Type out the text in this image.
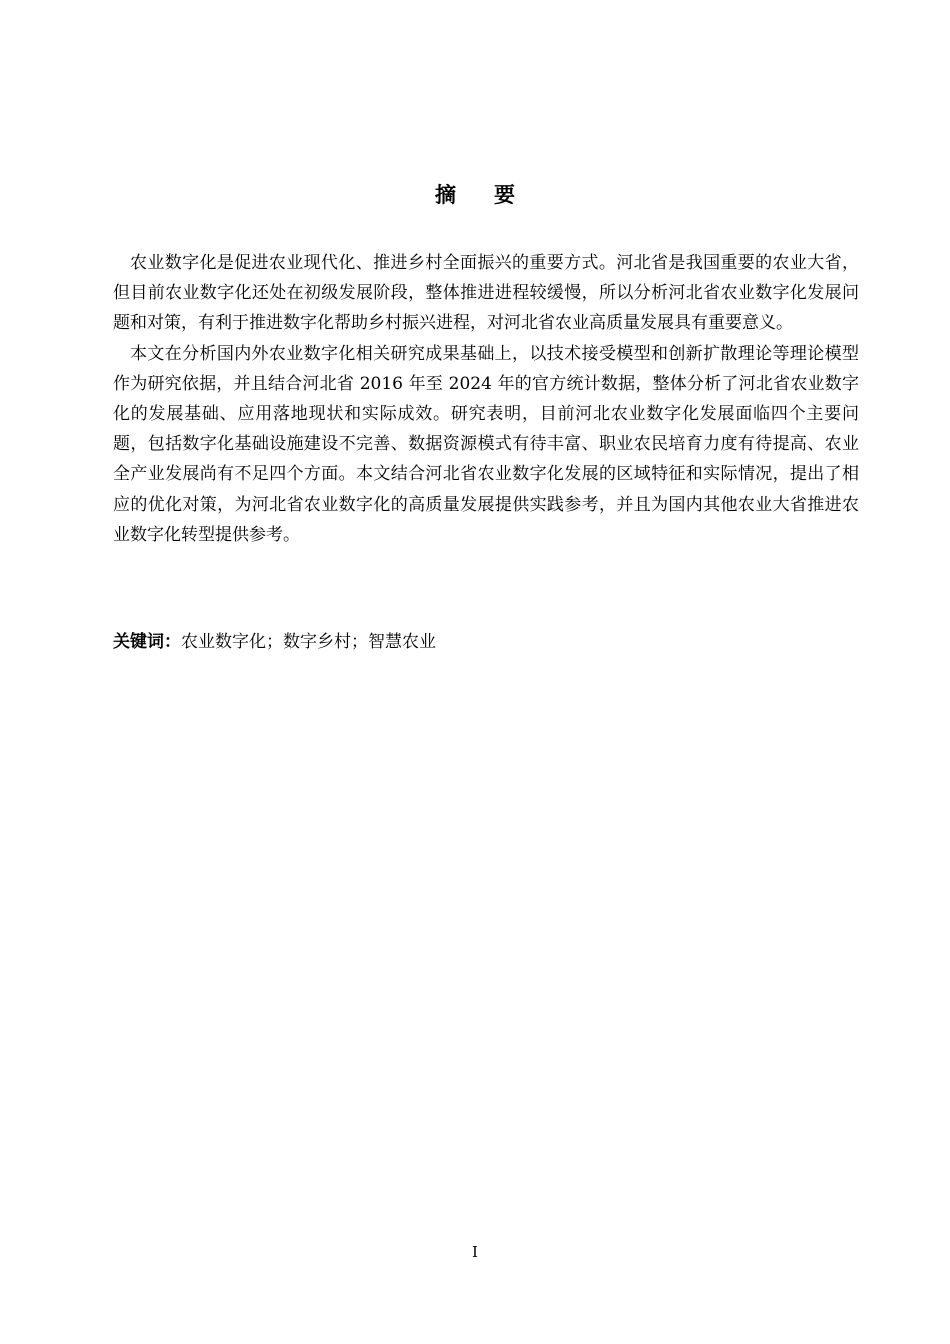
摘 要

农业数字化是促进农业现代化、推进乡村全面振兴的重要方式。河北省是我国重要的农业大省，但目前农业数字化还处在初级发展阶段，整体推进进程较缓慢，所以分析河北省农业数字化发展问题和对策，有利于推进数字化帮助乡村振兴进程，对河北省农业高质量发展具有重要意义。

本文在分析国内外农业数字化相关研究成果基础上，以技术接受模型和创新扩散理论等理论模型作为研究依据，并且结合河北省 2016 年至 2024 年的官方统计数据，整体分析了河北省农业数字化的发展基础、应用落地现状和实际成效。研究表明，目前河北农业数字化发展面临四个主要问题，包括数字化基础设施建设不完善、数据资源模式有待丰富、职业农民培育力度有待提高、农业全产业发展尚有不足四个方面。本文结合河北省农业数字化发展的区域特征和实际情况，提出了相应的优化对策，为河北省农业数字化的高质量发展提供实践参考，并且为国内其他农业大省推进农业数字化转型提供参考。

关键词：农业数字化；数字乡村；智慧农业
I
